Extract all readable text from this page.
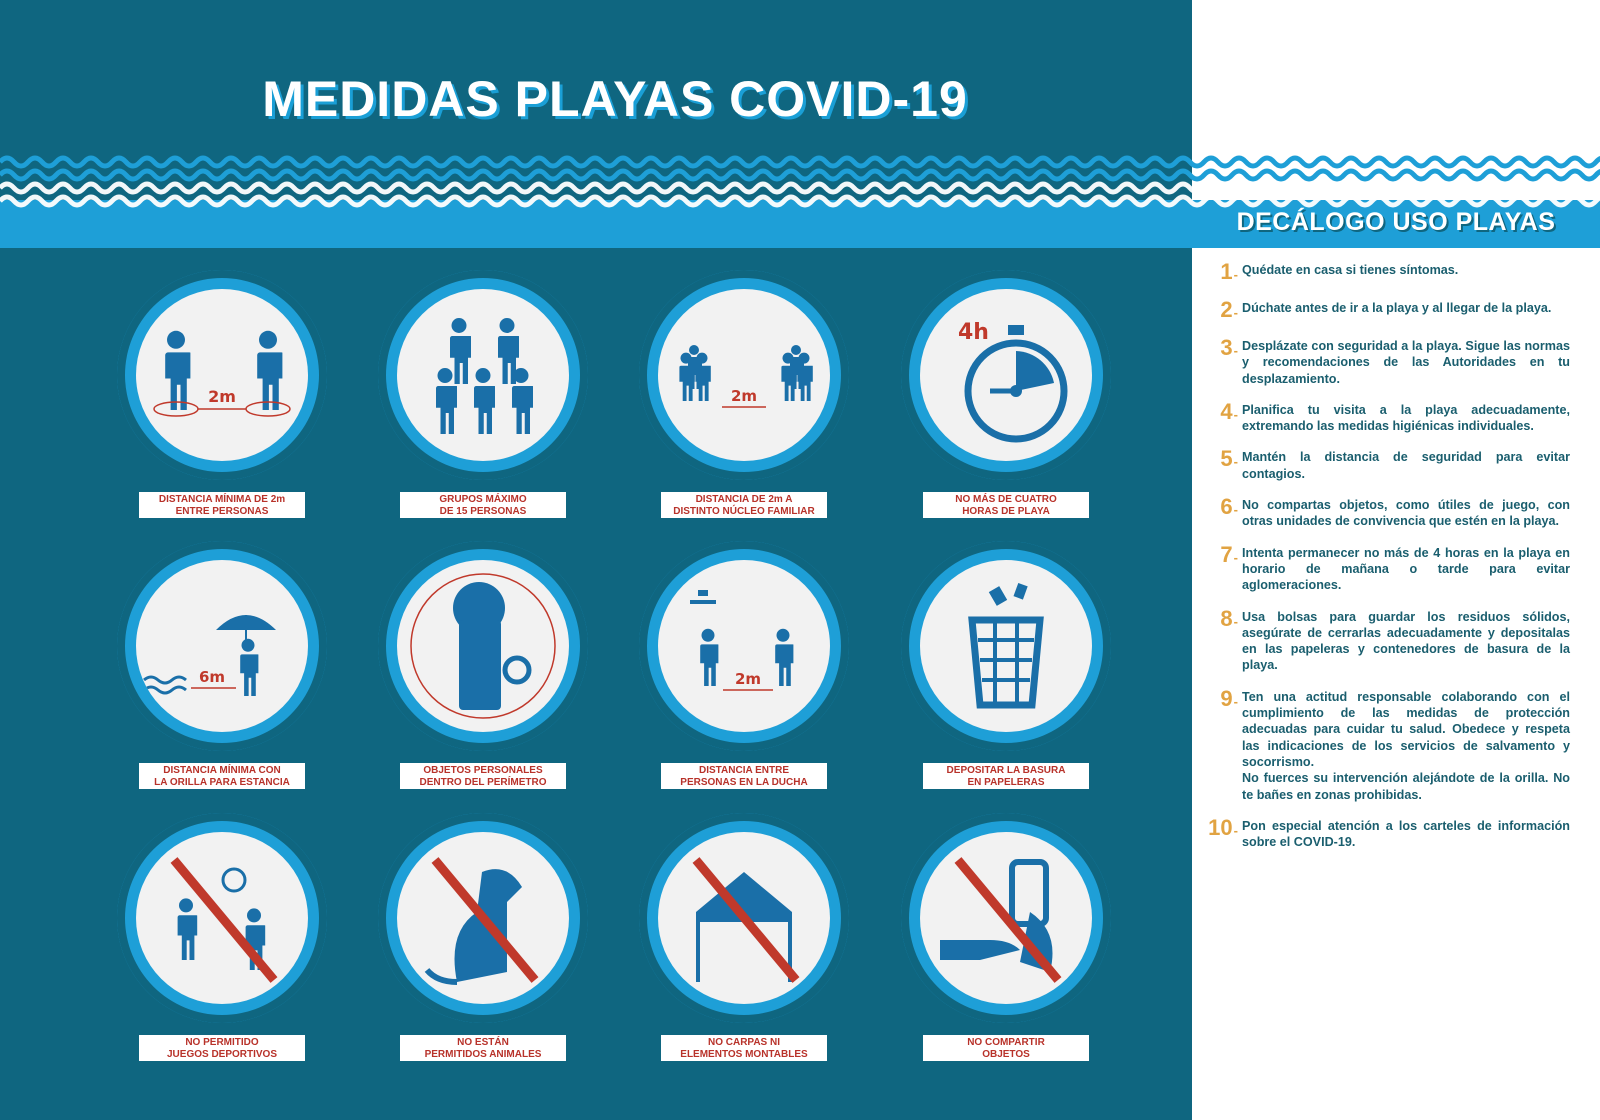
MEDIDAS PLAYAS COVID-19
DECÁLOGO USO PLAYAS
1 - Quédate en casa si tienes síntomas.
2 - Dúchate antes de ir a la playa y al llegar de la playa.
3 - Desplázate con seguridad a la playa. Sigue las normas y recomendaciones de las Autoridades en tu desplazamiento.
4 - Planifica tu visita a la playa adecuadamente, extremando las medidas higiénicas individuales.
5 - Mantén la distancia de seguridad para evitar contagios.
6 - No compartas objetos, como útiles de juego, con otras unidades de convivencia que estén en la playa.
7 - Intenta permanecer no más de 4 horas en la playa en horario de mañana o tarde para evitar aglomeraciones.
8 - Usa bolsas para guardar los residuos sólidos, asegúrate de cerrarlas adecuadamente y depositalas en las papeleras y contenedores de basura de la playa.
9 - Ten una actitud responsable colaborando con el cumplimiento de las medidas de protección adecuadas para cuidar tu salud. Obedece y respeta las indicaciones de los servicios de salvamento y socorrismo.
No fuerces su intervención alejándote de la orilla. No te bañes en zonas prohibidas.
10 - Pon especial atención a los carteles de información sobre el COVID-19.
2m
DISTANCIA MÍNIMA DE 2m
ENTRE PERSONAS
GRUPOS MÁXIMO
DE 15 PERSONAS
2m
DISTANCIA DE 2m A
DISTINTO NÚCLEO FAMILIAR
4h
NO MÁS DE CUATRO
HORAS DE PLAYA
6m
DISTANCIA MÍNIMA CON
LA ORILLA PARA ESTANCIA
OBJETOS PERSONALES
DENTRO DEL PERÍMETRO
2m
DISTANCIA ENTRE
PERSONAS EN LA DUCHA
DEPOSITAR LA BASURA
EN PAPELERAS
NO PERMITIDO
JUEGOS DEPORTIVOS
NO ESTÁN
PERMITIDOS ANIMALES
NO CARPAS NI
ELEMENTOS MONTABLES
NO COMPARTIR
OBJETOS
